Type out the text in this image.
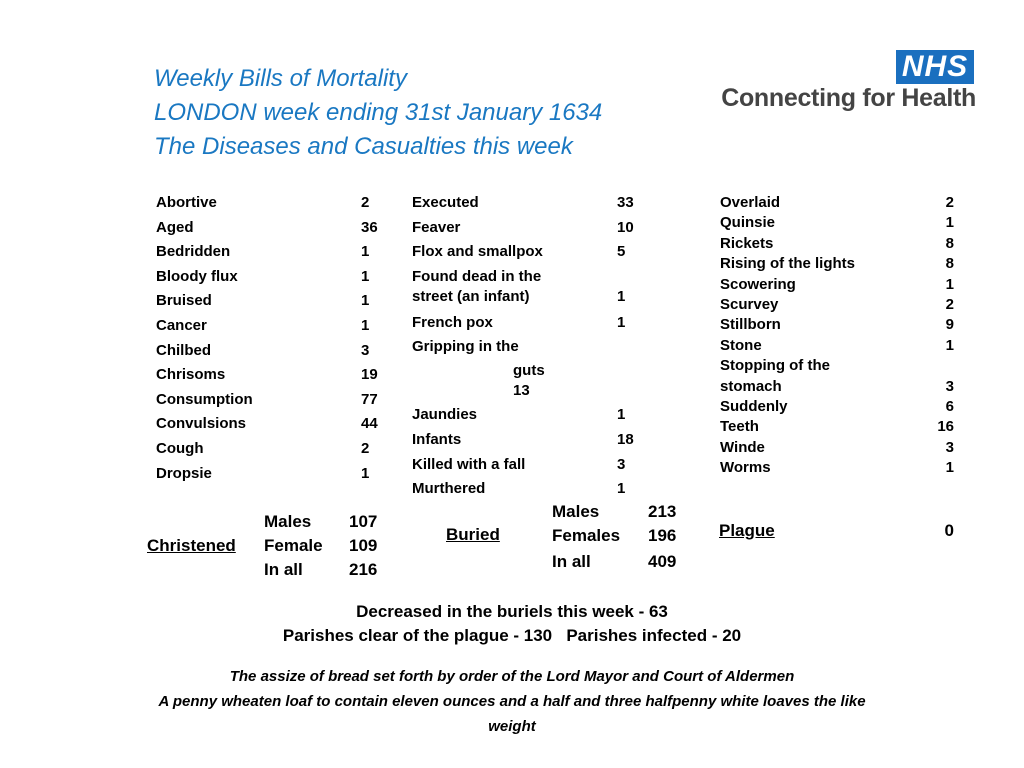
Weekly Bills of Mortality
LONDON week ending 31st January 1634
The Diseases and Casualties this week
NHS
Connecting for Health
Abortive	2
Aged	36
Bedridden	1
Bloody flux	1
Bruised	1
Cancer	1
Chilbed	3
Chrisoms	19
Consumption	77
Convulsions	44
Cough	2
Dropsie	1
Executed	33
Feaver	10
Flox and smallpox	5
Found dead in the
street (an infant)	1
French pox	1
Gripping in the
guts
13
Jaundies	1
Infants	18
Killed with a fall	3
Murthered	1
Overlaid	2
Quinsie	1
Rickets	8
Rising of the lights	8
Scowering	1
Scurvey	2
Stillborn	9
Stone	1
Stopping of the
stomach	3
Suddenly	6
Teeth	16
Winde	3
Worms	1
Christened
Males 107
Female 109
In all	216
Buried
Males	213
Females 196
In all	409
Plague	0
Decreased in the buriels this week - 63
Parishes clear of the plague - 130 Parishes infected - 20
The assize of bread set forth by order of the Lord Mayor and Court of Aldermen
A penny wheaten loaf to contain eleven ounces and a half and three halfpenny white loaves the like
weight
